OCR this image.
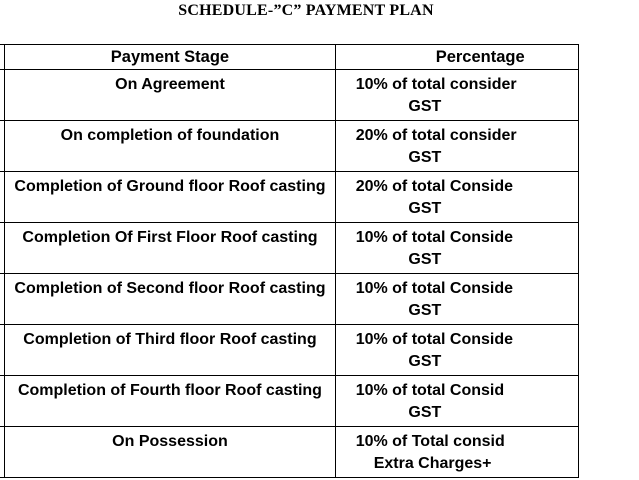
SCHEDULE-”C” PAYMENT PLAN
	Payment Stage	Percentage

	On Agreement	10% of total consider
GST

	On completion of foundation	20% of total consider
GST

	Completion of Ground floor Roof casting	20% of total Conside
GST

	Completion Of First Floor Roof casting	10% of total Conside
GST

	Completion of Second floor Roof casting	10% of total Conside
GST

	Completion of Third floor Roof casting	10% of total Conside
GST

	Completion of Fourth floor Roof casting	10% of total Consid
GST

	On Possession	10% of Total consid
Extra Charges+
